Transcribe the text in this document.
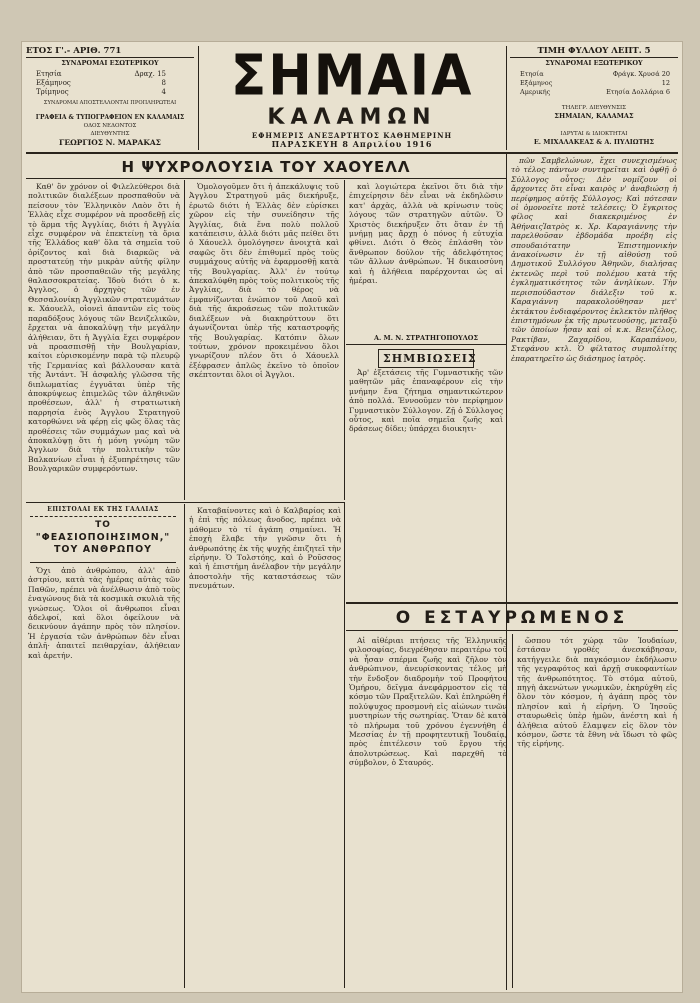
ΕΤΟΣ Γ'.- ΑΡΙΘ. 771
ΣΥΝΔΡΟΜΑΙ ΕΣΩΤΕΡΙΚΟΥ
Ετησία	Δραχ. 15
Εξάμηνος	8
Τρίμηνος	4
ΣΥΝΔΡΟΜΑΙ ΑΠΟΣΤΕΛΛΟΝΤΑΙ ΠΡΟΠΛΗΡΩΤΕΑΙ
ΓΡΑΦΕΙΑ & ΤΥΠΟΓΡΑΦΕΙΟΝ ΕΝ ΚΑΛΑΜΑΙΣ
ΟΔΟΣ ΝΕΔΟΝΤΟΣ
ΔΙΕΥΘΥΝΤΗΣ
ΓΕΩΡΓΙΟΣ Ν. ΜΑΡΑΚΑΣ
ΣΗΜΑΙΑ
ΚΑΛΑΜΩΝ
ΕΦΗΜΕΡΙΣ ΑΝΕΞΑΡΤΗΤΟΣ ΚΑΘΗΜΕΡΙΝΗ
ΠΑΡΑΣΚΕΥΗ 8 Απριλίου 1916
ΤΙΜΗ ΦΥΛΛΟΥ ΛΕΠΤ. 5
ΣΥΝΔΡΟΜΑΙ ΕΞΩΤΕΡΙΚΟΥ
Ετησία	Φράγκ. Χρυσά 20
Εξάμηνος	12
Αμερικής	Ετησία Δολλάρια 6
ΤΗΛΕΓΡ. ΔΙΕΥΘΥΝΣΙΣ
ΣΗΜΑΙΑΝ, ΚΑΛΑΜΑΣ
ΙΔΡΥΤΑΙ & ΙΔΙΟΚΤΗΤΑΙ
Ε. ΜΙΧΑΛΑΚΕΑΣ & Α. ΠΥΛΙΩΤΗΣ
Η ΨΥΧΡΟΛΟΥΣΙΑ ΤΟΥ ΧΑΟΥΕΛΛ

Καθ' ὃν χρόνον οἱ Φιλελεύθεροι διὰ πολιτικῶν διαλέξεων προσπαθοῦν νὰ πείσουν τὸν Ἑλληνικὸν Λαὸν ὅτι ἡ Ἑλλὰς εἶχε συμφέρον νὰ προσδεθῇ εἰς τὸ ἅρμα τῆς Ἀγγλίας, διότι ἡ Ἀγγλία εἶχε συμφέρον νὰ ἐπεκτείνῃ τὰ ὅρια τῆς Ἑλλάδος καθ' ὅλα τὰ σημεῖα τοῦ ὁρίζοντος καὶ διὰ διαρκῶς νὰ προστατεύῃ τὴν μικρὰν αὐτῆς φίλην ἀπὸ τῶν προσπαθειῶν τῆς μεγάλης θαλασσοκρατείας. Ἰδοὺ διότι ὁ κ. Ἀγγλος, ὁ ἀρχηγὸς τῶν ἐν Θεσσαλονίκῃ Ἀγγλικῶν στρατευμάτων κ. Χάουελλ, οἱονεὶ ἀπαντῶν εἰς τοὺς παραδόξους λόγους τῶν Βενιζελικῶν, ἔρχεται νὰ ἀποκαλύψῃ τὴν μεγάλην ἀλήθειαν, ὅτι ἡ Ἀγγλία ἔχει συμφέρον νὰ προασπισθῇ τὴν Βουλγαρίαν, καίτοι εὑρισκομένην παρὰ τῷ πλευρῷ τῆς Γερμανίας καὶ βάλλουσαν κατὰ τῆς Ἀντάντ. Ἡ ἀσφαλὴς γλῶσσα τῆς διπλωματίας ἐγγυᾶται ὑπὲρ τῆς ἀποκρύψεως ἐπιμελῶς τῶν ἀληθινῶν προθέσεων, ἀλλ' ἡ στρατιωτικὴ παρρησία ἑνὸς Ἀγγλου Στρατηγοῦ κατορθώνει νὰ φέρῃ εἰς φῶς ὅλας τὰς προθέσεις τῶν συμμάχων μας καὶ νὰ ἀποκαλύψῃ ὅτι ἡ μόνη γνώμη τῶν Ἀγγλων διὰ τὴν πολιτικὴν τῶν Βαλκανίων εἶναι ἡ ἐξυπηρέτησις τῶν Βουλγαρικῶν συμφερόντων.

Ὁμολογοῦμεν ὅτι ἡ ἀπεκάλυψις τοῦ Ἀγγλου Στρατηγοῦ μᾶς διεκήρυξε, ἐρωτῶ διότι ἡ Ἑλλὰς δὲν εὑρίσκει χῶρον εἰς τὴν συνείδησιν τῆς Ἀγγλίας, διὰ ἕνα πολὺ πολλοῦ κατάπεισιν, ἀλλὰ διότι μᾶς πείθει ὅτι ὁ Χάουελλ ὁμολόγησεν ἀνοιχτὰ καὶ σαφῶς ὅτι δὲν ἐπιθυμεῖ πρὸς τοὺς συμμάχους αὐτῆς νὰ ἐφαρμοσθῇ κατὰ τῆς Βουλγαρίας. Ἀλλ' ἐν τούτῳ ἀπεκαλύφθη πρὸς τοὺς πολιτικοὺς τῆς Ἀγγλίας, διὰ τὸ θέρος νὰ ἐμφανίζωνται ἐνώπιον τοῦ Λαοῦ καὶ διὰ τῆς ἀκροάσεως τῶν πολιτικῶν διαλέξεων νὰ διακηρύττουν ὅτι ἀγωνίζονται ὑπὲρ τῆς καταστροφῆς τῆς Βουλγαρίας. Κατόπιν ὅλων τούτων, χρόνον προκειμένου ὅλοι γνωρίζουν πλέον ὅτι ὁ Χάουελλ ἐξέφρασεν ἁπλῶς ἐκεῖνο τὸ ὁποῖον σκέπτονται ὅλοι οἱ Ἀγγλοι.

καὶ λογιώτερα ἐκεῖνοι ὅτι διὰ τὴν ἐπιχείρησιν δὲν εἶναι νὰ ἐκδηλῶσιν κατ' ἀρχὰς, ἀλλὰ νὰ κρίνωσιν τοὺς λόγους τῶν στρατηγῶν αὐτῶν. Ὁ Χριστὸς διεκήρυξεν ὅτι ὅταν ἐν τῇ μνήμῃ μας ἄρχῃ ὁ πόνος ἡ εὐτυχία φθίνει. Διότι ὁ Θεὸς ἐπλάσθη τὸν ἄνθρωπον δούλον τῆς ἀδελφότητος τῶν ἄλλων ἀνθρώπων. Ἡ δικαιοσύνη καὶ ἡ ἀλήθεια παρέρχονται ὡς αἱ ἡμέραι.

Α. Μ. Ν. ΣΤΡΑΤΗΓΟΠΟΥΛΟΣ
ΣΗΜΒΙΩΣΕΙΣ

Ἀρ' ἐξετάσεις τῆς Γυμναστικῆς τῶν μαθητῶν μᾶς ἐπαναφέρουν εἰς τὴν μνήμην ἕνα ζήτημα σημαντικώτερον ἀπὸ πολλά. Ἐννοοῦμεν τὸν περίφημον Γυμναστικὸν Σύλλογον. Ζῇ ὁ Σύλλογος οὗτος, καὶ ποῖα σημεῖα ζωῆς καὶ δράσεως δίδει; ὑπάρχει διοικητι-

πῶν Σαμβελώνων, ἔχει συνεχισμένως τὸ τέλος πάντων συντηρεῖται καὶ ὀφθῇ ὁ Σύλλογος οὗτος; Δὲν νομίζουν οἱ ἄρχοντες ὅτι εἶναι καιρὸς ν' ἀναβιώσῃ ἡ περίφημος αὐτῆς Σύλλογος; Καὶ πότεσαν οἱ ὁμονοεῖτε ποτὲ τελέσεις; Ὁ ἔγκριτος φίλος καὶ διακεκριμένος ἐν ἈθήναιςἸατρὸς κ. Χρ. Καραγιάννης τὴν παρελθοῦσαν ἑβδομάδα προέβη εἰς σπουδαιότατην Ἐπιστημονικὴν ἀνακοίνωσιν ἐν τῇ αἰθούσῃ τοῦ Δημοτικοῦ Συλλόγου Ἀθηνῶν, διαλήσας ἐκτενῶς περὶ τοῦ πολέμου κατὰ τῆς ἐγκληματικότητος τῶν ἀνηλίκων. Τὴν περισπούδαστον διάλεξιν τοῦ κ. Καραγιάννη παρακολούθησαν μετ' ἐκτάκτου ἐνδιαφέροντος ἐκλεκτὸν πλῆθος ἐπιστημόνων ἐκ τῆς πρωτευούσης, μεταξὺ τῶν ὁποίων ἦσαν καὶ οἱ κ.κ. Βενιζέλος, Ρακτίβαν, Ζαχαρίδου, Καραπάνου, Στεφάνου κτλ. Ὁ φίλτατος συμπολίτης ἐπαρατηρεῖτο ὡς διάσημος ἰατρὸς.

Ο ΕΣΤΑΥΡΩΜΕΝΟΣ

Αἱ αἰθέριαι πτήσεις τῆς Ἑλληνικῆς φιλοσοφίας, διεγρέθησαν περαιτέρω τοῦ νὰ ἦσαν σπέρμα ζωῆς καὶ ζῆλον τὸν ἀνθρώπινον, ἀνευρίσκοντας τέλος μὴ τὴν ἔνδοξον διαδρομὴν τοῦ Προφήτου Ὁμήρου, δεῖγμα ἀνεφάρμοστον εἰς τὸ κόσμο τῶν Πραξιτελῶν. Καὶ ἐπληρώθη ἡ πολύψυχος προσμονὴ εἰς αἰώνων τινῶν μυστηρίων τῆς σωτηρίας. Ὅταν δὲ κατὰ τὸ πλήρωμα τοῦ χρόνου ἐγεννήθη ὁ Μεσσίας ἐν τῇ προφητευτικῇ Ἰουδαίᾳ, πρὸς ἐπιτέλεσιν τοῦ ἔργου τῆς ἀπολυτρώσεως. Καὶ παρεχθῆ τὸ σύμβολον, ὁ Σταυρός.

ὥσπου τότ χώρᾳ τῶν Ἰουδαίων, ἐστάσαν γροθές ἀνεσκάβησαν, κατήγγειλε διὰ παγκόσμιον ἐκδήλωσιν τῆς γεγραφότος καὶ ἀρχῇ συκοφαντίων τῆς ἀνθρωπότητος. Τὸ στόμα αὐτοῦ, πηγὴ ἀκενώτων γνωμικῶν, ἐκηρύχθη εἰς ὅλον τὸν κόσμον, ἡ ἀγάπη πρὸς τὸν πλησίον καὶ ἡ εἰρήνη. Ὁ Ἰησοῦς σταυρωθεὶς ὑπὲρ ἡμῶν, ἀνέστη καὶ ἡ ἀλήθεια αὐτοῦ ἔλαμψεν εἰς ὅλον τὸν κόσμον, ὥστε τὰ ἔθνη νὰ ἴδωσι τὸ φῶς τῆς εἰρήνης.

ΕΠΙΣΤΟΛΑΙ ΕΚ ΤΗΣ ΓΑΛΛΙΑΣ
ΤΟ
"ΦΕΑΣΙΟΠΟΙΗΣΙΜΟΝ," ΤΟΥ ΑΝΘΡΩΠΟΥ

Ὄχι ἀπὸ ἀνθρώπου, ἀλλ' ἀπὸ ἀστρίου, κατὰ τὰς ἡμέρας αὐτὰς τῶν Παθῶν, πρέπει νὰ ἀνέλθωσιν ἀπὸ τοὺς ἐναγώνους διὰ τὰ κοσμικὰ σκυλιὰ τῆς γνώσεως. Ὅλοι οἱ ἄνθρωποι εἶναι ἀδελφοί, καὶ ὅλοι ὀφείλουν νὰ δεικνύουν ἀγάπην πρὸς τὸν πλησίον. Ἡ ἐργασία τῶν ἀνθρώπων δὲν εἶναι ἁπλῆ· ἀπαιτεῖ πειθαρχίαν, ἀλήθειαν καὶ ἀρετήν.

Καταβαίνοντες καὶ ὁ Καλβαρίος καὶ ἡ ἐπὶ τῆς πόλεως ἄνοδος, πρέπει νὰ μάθομεν τὸ τί ἀγάπη σημαίνει. Ἡ ἐποχὴ ἔλαβε τὴν γνῶσιν ὅτι ἡ ἀνθρωπότης ἐκ τῆς ψυχῆς ἐπιζητεῖ τὴν εἰρήνην. Ὁ Τολστόης, καὶ ὁ Ροῦσσος καὶ ἡ ἐπιστήμη ἀνέλαβον τὴν μεγάλην ἀποστολὴν τῆς καταστάσεως τῶν πνευμάτων.
